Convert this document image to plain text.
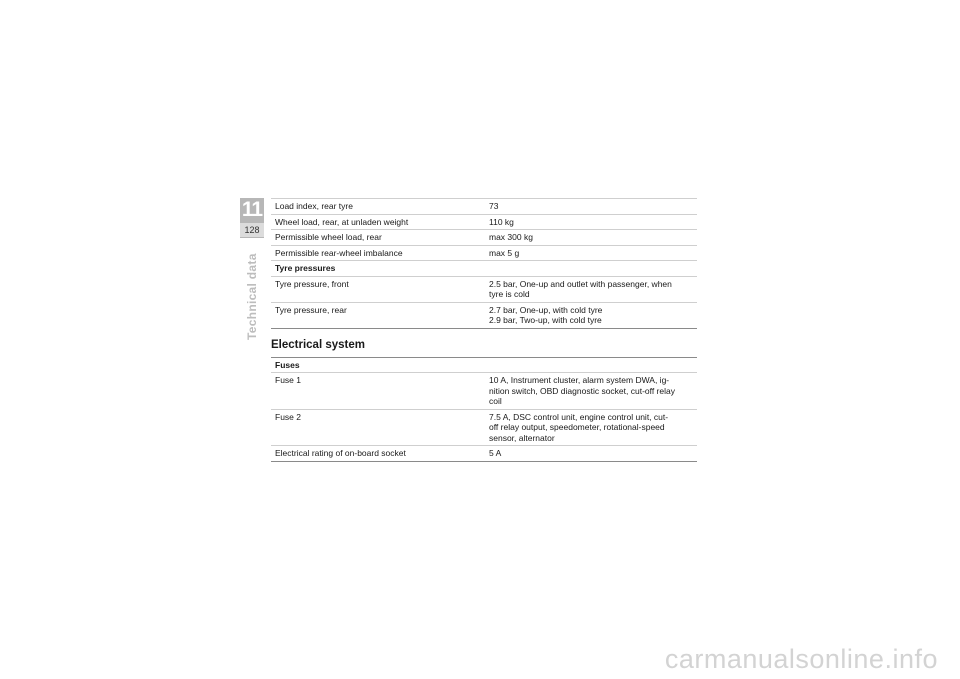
11
128
Technical data
Load index, rear tyre	73
Wheel load, rear, at unladen weight	110 kg
Permissible wheel load, rear	max 300 kg
Permissible rear-wheel imbalance	max 5 g
Tyre pressures
Tyre pressure, front	2.5 bar, One-up and outlet with passenger, when
tyre is cold
Tyre pressure, rear	2.7 bar, One-up, with cold tyre
2.9 bar, Two-up, with cold tyre
Electrical system
Fuses
Fuse 1	10 A, Instrument cluster, alarm system DWA, ig-
nition switch, OBD diagnostic socket, cut-off relay
coil
Fuse 2	7.5 A, DSC control unit, engine control unit, cut-
off relay output, speedometer, rotational-speed
sensor, alternator
Electrical rating of on-board socket	5 A
carmanualsonline.info
